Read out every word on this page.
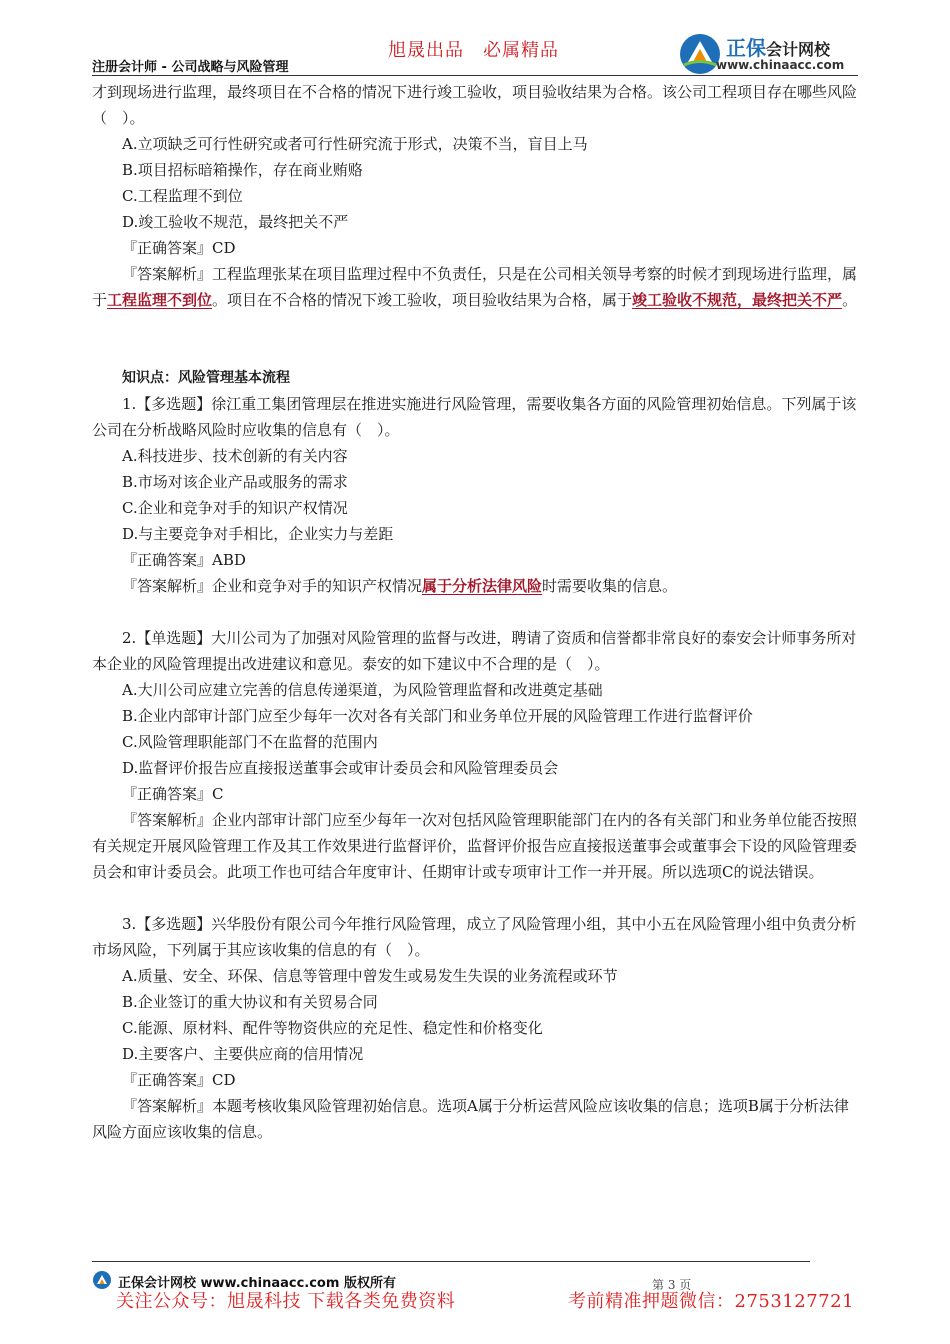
注册会计师 - 公司战略与风险管理
旭晟出品　必属精品	正保会计网校
www.chinaacc.com

才到现场进行监理，最终项目在不合格的情况下进行竣工验收，项目验收结果为合格。该公司工程项目存在哪些风险（　）。

A.立项缺乏可行性研究或者可行性研究流于形式，决策不当，盲目上马

B.项目招标暗箱操作，存在商业贿赂

C.工程监理不到位

D.竣工验收不规范，最终把关不严

『正确答案』CD

『答案解析』工程监理张某在项目监理过程中不负责任，只是在公司相关领导考察的时候才到现场进行监理，属于工程监理不到位。项目在不合格的情况下竣工验收，项目验收结果为合格，属于竣工验收不规范，最终把关不严。

知识点：风险管理基本流程

1.【多选题】徐江重工集团管理层在推进实施进行风险管理，需要收集各方面的风险管理初始信息。下列属于该公司在分析战略风险时应收集的信息有（　）。

A.科技进步、技术创新的有关内容

B.市场对该企业产品或服务的需求

C.企业和竞争对手的知识产权情况

D.与主要竞争对手相比，企业实力与差距

『正确答案』ABD

『答案解析』企业和竞争对手的知识产权情况属于分析法律风险时需要收集的信息。

2.【单选题】大川公司为了加强对风险管理的监督与改进，聘请了资质和信誉都非常良好的泰安会计师事务所对本企业的风险管理提出改进建议和意见。泰安的如下建议中不合理的是（　）。

A.大川公司应建立完善的信息传递渠道，为风险管理监督和改进奠定基础

B.企业内部审计部门应至少每年一次对各有关部门和业务单位开展的风险管理工作进行监督评价

C.风险管理职能部门不在监督的范围内

D.监督评价报告应直接报送董事会或审计委员会和风险管理委员会

『正确答案』C

『答案解析』企业内部审计部门应至少每年一次对包括风险管理职能部门在内的各有关部门和业务单位能否按照有关规定开展风险管理工作及其工作效果进行监督评价，监督评价报告应直接报送董事会或董事会下设的风险管理委员会和审计委员会。此项工作也可结合年度审计、任期审计或专项审计工作一并开展。所以选项C的说法错误。

3.【多选题】兴华股份有限公司今年推行风险管理，成立了风险管理小组，其中小五在风险管理小组中负责分析市场风险，下列属于其应该收集的信息的有（　）。

A.质量、安全、环保、信息等管理中曾发生或易发生失误的业务流程或环节

B.企业签订的重大协议和有关贸易合同

C.能源、原材料、配件等物资供应的充足性、稳定性和价格变化

D.主要客户、主要供应商的信用情况

『正确答案』CD

『答案解析』本题考核收集风险管理初始信息。选项A属于分析运营风险应该收集的信息；选项B属于分析法律风险方面应该收集的信息。

正保会计网校 www.chinaacc.com 版权所有	第 3 页
关注公众号：旭晟科技 下载各类免费资料	考前精准押题微信：2753127721
